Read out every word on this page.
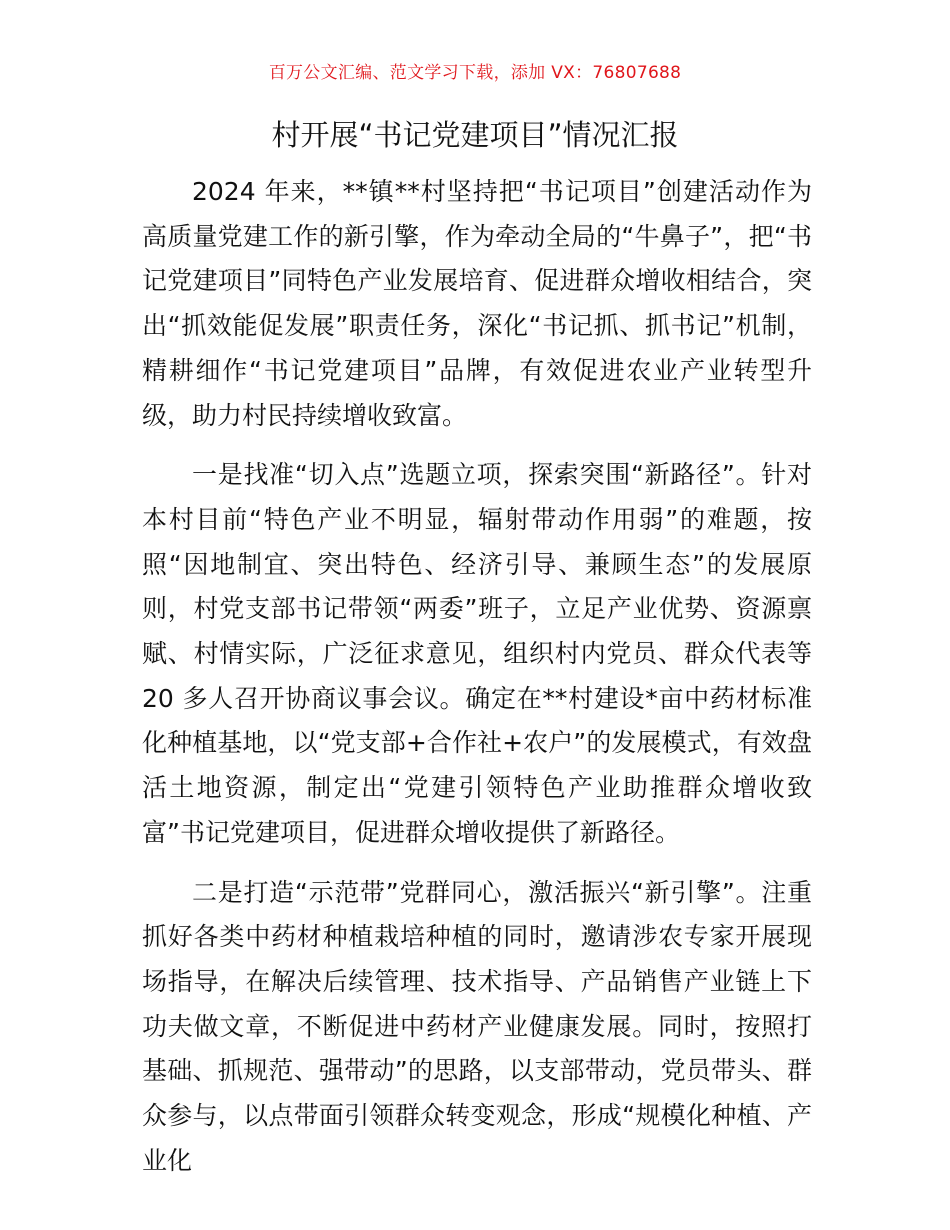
百万公文汇编、范文学习下载，添加 VX：76807688
村开展“书记党建项目”情况汇报

2024 年来，**镇**村坚持把“书记项目”创建活动作为高质量党建工作的新引擎，作为牵动全局的“牛鼻子”，把“书记党建项目”同特色产业发展培育、促进群众增收相结合，突出“抓效能促发展”职责任务，深化“书记抓、抓书记”机制，精耕细作“书记党建项目”品牌，有效促进农业产业转型升级，助力村民持续增收致富。

一是找准“切入点”选题立项，探索突围“新路径”。针对本村目前“特色产业不明显，辐射带动作用弱”的难题，按照“因地制宜、突出特色、经济引导、兼顾生态”的发展原则，村党支部书记带领“两委”班子，立足产业优势、资源禀赋、村情实际，广泛征求意见，组织村内党员、群众代表等 20 多人召开协商议事会议。确定在**村建设*亩中药材标准化种植基地，以“党支部+合作社+农户”的发展模式，有效盘活土地资源，制定出“党建引领特色产业助推群众增收致富”书记党建项目，促进群众增收提供了新路径。

二是打造“示范带”党群同心，激活振兴“新引擎”。注重抓好各类中药材种植栽培种植的同时，邀请涉农专家开展现场指导，在解决后续管理、技术指导、产品销售产业链上下功夫做文章，不断促进中药材产业健康发展。同时，按照打基础、抓规范、强带动”的思路，以支部带动，党员带头、群众参与，以点带面引领群众转变观念，形成“规模化种植、产业化
